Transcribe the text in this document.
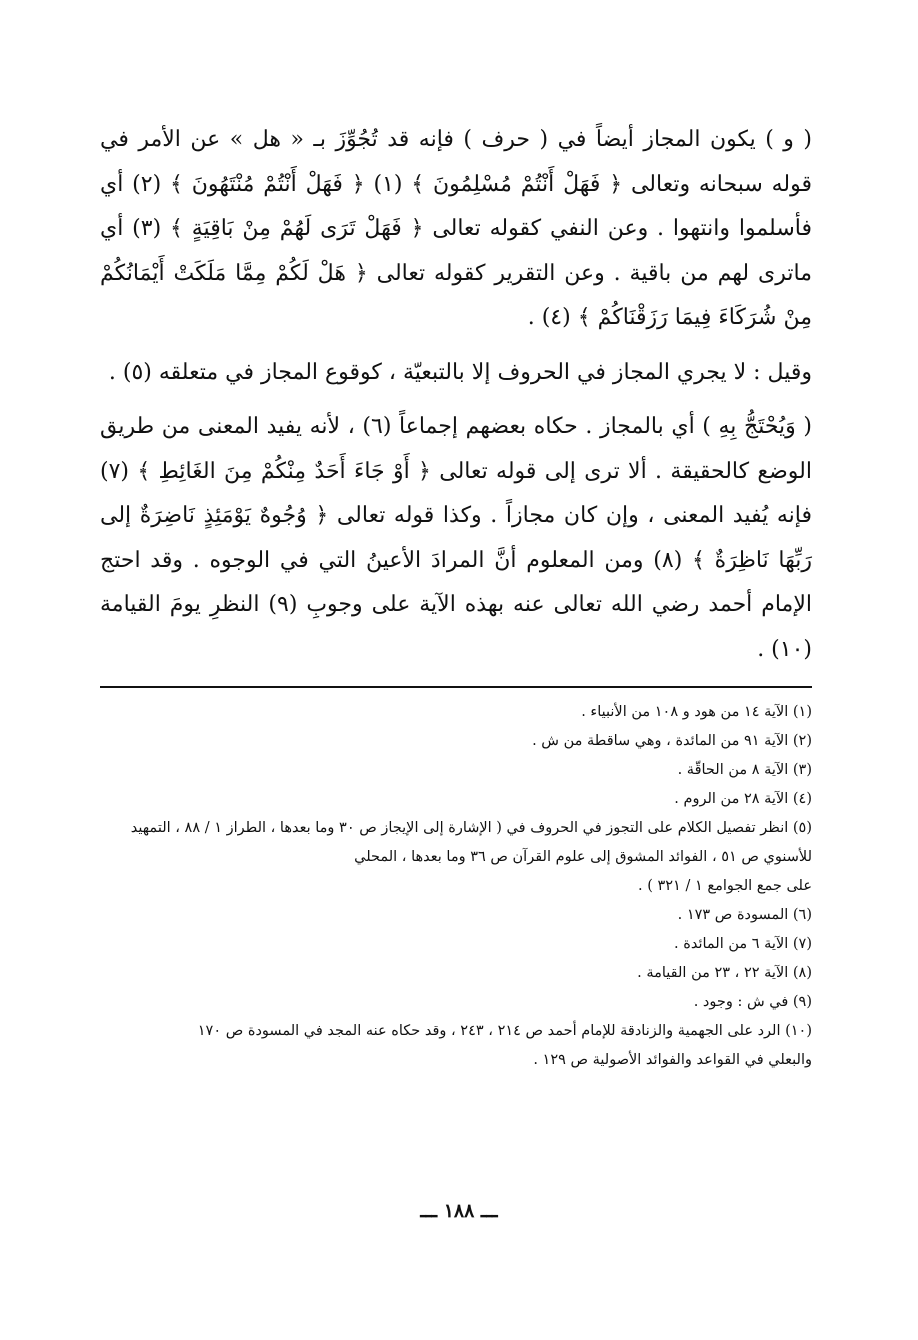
( و ) يكون المجاز أيضاً في ( حرف ) فإنه قد تُجُوِّزَ بـ « هل » عن الأمر في قوله سبحانه وتعالى ﴿ فَهَلْ أَنْتُمْ مُسْلِمُونَ ﴾ (١) ﴿ فَهَلْ أَنْتُمْ مُنْتَهُونَ ﴾ (٢) أي فأسلموا وانتهوا . وعن النفي كقوله تعالى ﴿ فَهَلْ تَرَى لَهُمْ مِنْ بَاقِيَةٍ ﴾ (٣) أي ماترى لهم من باقية . وعن التقرير كقوله تعالى ﴿ هَلْ لَكُمْ مِمَّا مَلَكَتْ أَيْمَانُكُمْ مِنْ شُرَكَاءَ فِيمَا رَزَقْنَاكُمْ ﴾ (٤) .

وقيل : لا يجري المجاز في الحروف إلا بالتبعيّة ، كوقوع المجاز في متعلقه (٥) .

( وَيُحْتَجُّ بِهِ ) أي بالمجاز . حكاه بعضهم إجماعاً (٦) ، لأنه يفيد المعنى من طريق الوضع كالحقيقة . ألا ترى إلى قوله تعالى ﴿ أَوْ جَاءَ أَحَدٌ مِنْكُمْ مِنَ الغَائِطِ ﴾ (٧) فإنه يُفيد المعنى ، وإن كان مجازاً . وكذا قوله تعالى ﴿ وُجُوهٌ يَوْمَئِذٍ نَاضِرَةٌ إلى رَبِّهَا نَاظِرَةٌ ﴾ (٨) ومن المعلوم أنَّ المرادَ الأعينُ التي في الوجوه . وقد احتج الإمام أحمد رضي الله تعالى عنه بهذه الآية على وجوبِ (٩) النظرِ يومَ القيامة (١٠) .

(١) الآية ١٤ من هود و ١٠٨ من الأنبياء .

(٢) الآية ٩١ من المائدة ، وهي ساقطة من ش .

(٣) الآية ٨ من الحاقّة .

(٤) الآية ٢٨ من الروم .

(٥) انظر تفصيل الكلام على التجوز في الحروف في ( الإشارة إلى الإيجاز ص ٣٠ وما بعدها ، الطراز ١ / ٨٨ ، التمهيد للأسنوي ص ٥١ ، الفوائد المشوق إلى علوم القرآن ص ٣٦ وما بعدها ، المحلي
على جمع الجوامع ١ / ٣٢١ ) .

(٦) المسودة ص ١٧٣ .

(٧) الآية ٦ من المائدة .

(٨) الآية ٢٢ ، ٢٣ من القيامة .

(٩) في ش : وجود .

(١٠) الرد على الجهمية والزنادقة للإمام أحمد ص ٢١٤ ، ٢٤٣ ، وقد حكاه عنه المجد في المسودة ص ١٧٠
والبعلي في القواعد والفوائد الأصولية ص ١٢٩ .

ـــ ١٨٨ ـــ
